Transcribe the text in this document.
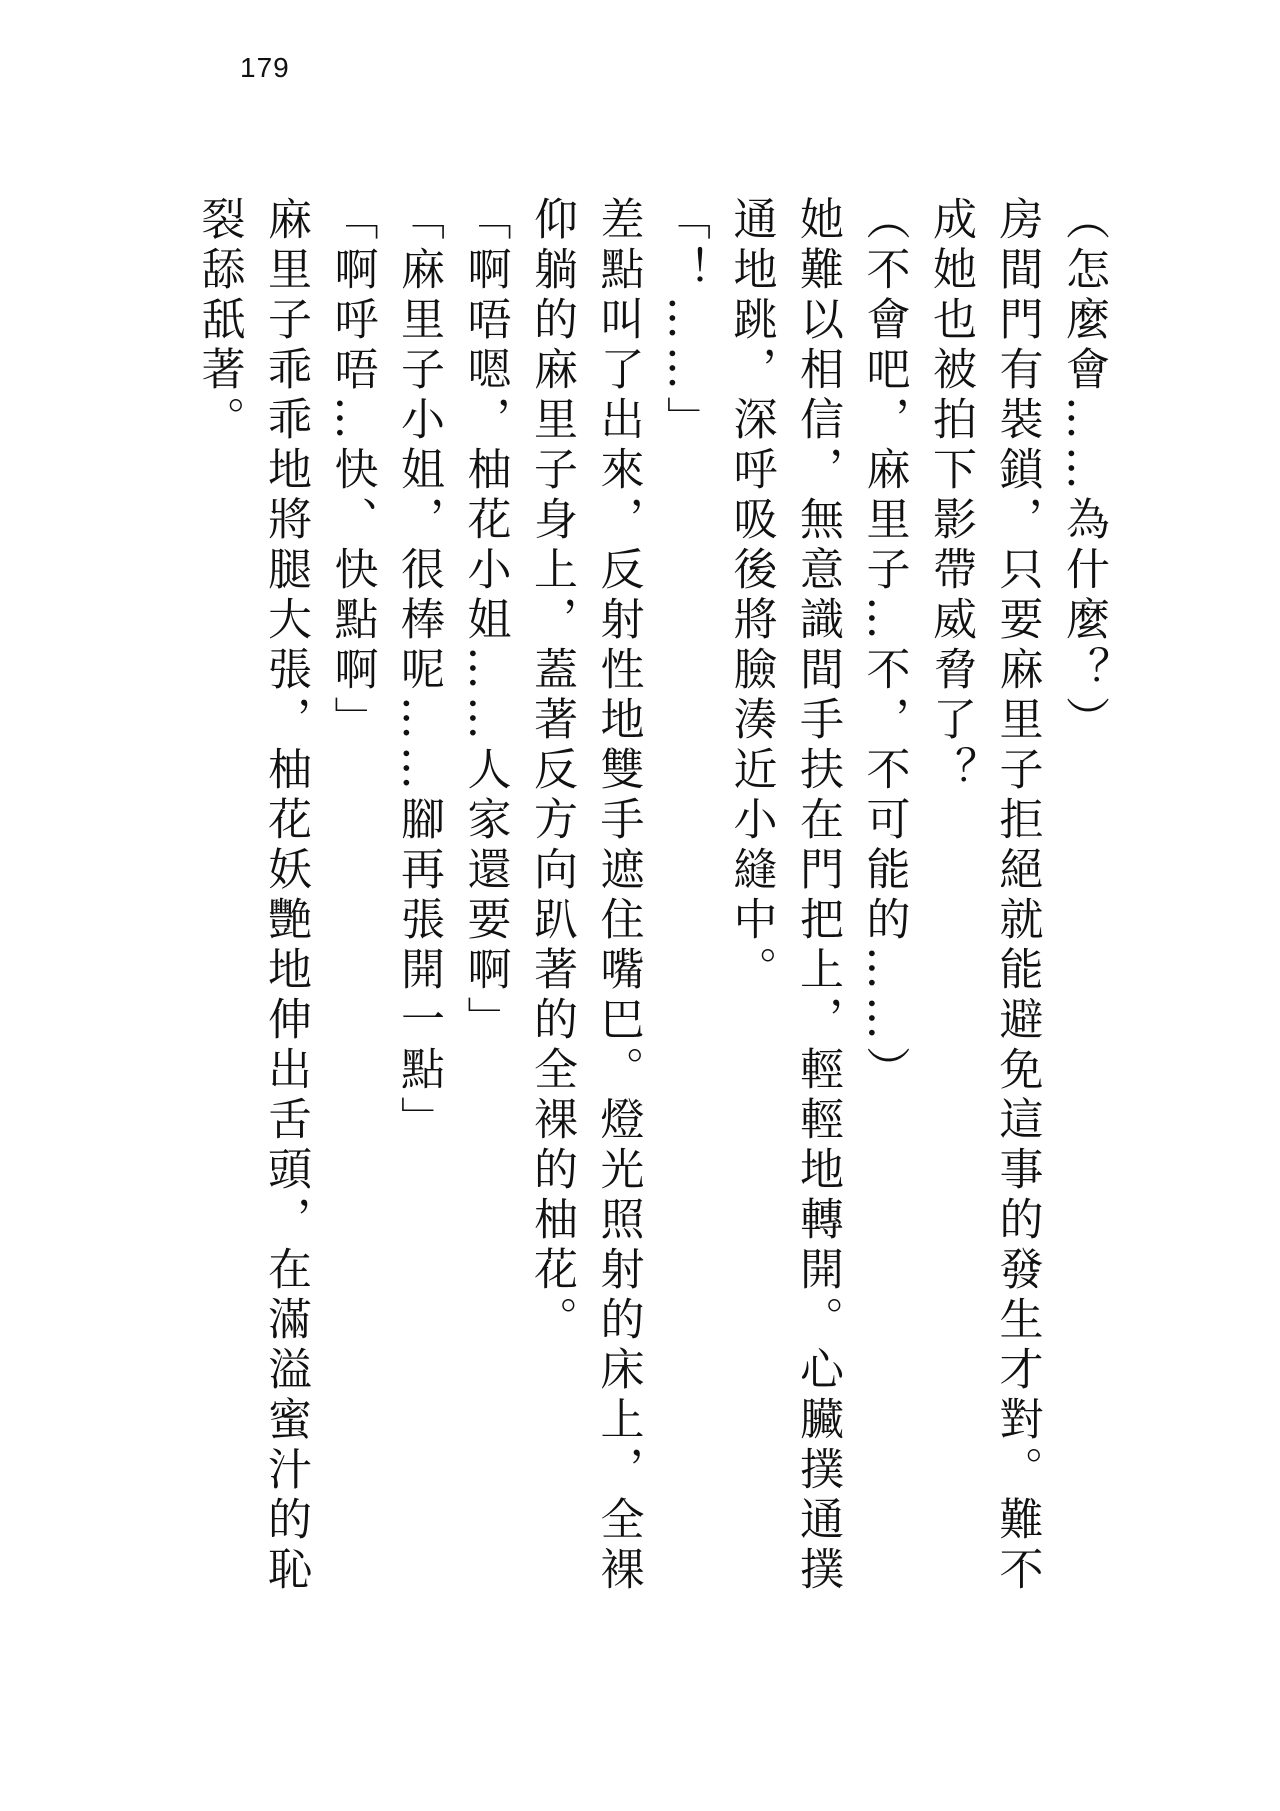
179
（怎麼會……為什麼？）
房間門有裝鎖，只要麻里子拒絕就能避免這事的發生才對。難不
成她也被拍下影帶威脅了？
（不會吧，麻里子…不，不可能的……）
她難以相信，無意識間手扶在門把上，輕輕地轉開。心臟撲通撲
通地跳，深呼吸後將臉湊近小縫中。
「！……」
差點叫了出來，反射性地雙手遮住嘴巴。燈光照射的床上，全裸
仰躺的麻里子身上，蓋著反方向趴著的全裸的柚花。
「啊唔嗯，柚花小姐……人家還要啊」
「麻里子小姐，很棒呢……腳再張開一點」
「啊呼唔…快、快點啊」
麻里子乖乖地將腿大張，柚花妖艷地伸出舌頭，在滿溢蜜汁的恥
裂舔舐著。
